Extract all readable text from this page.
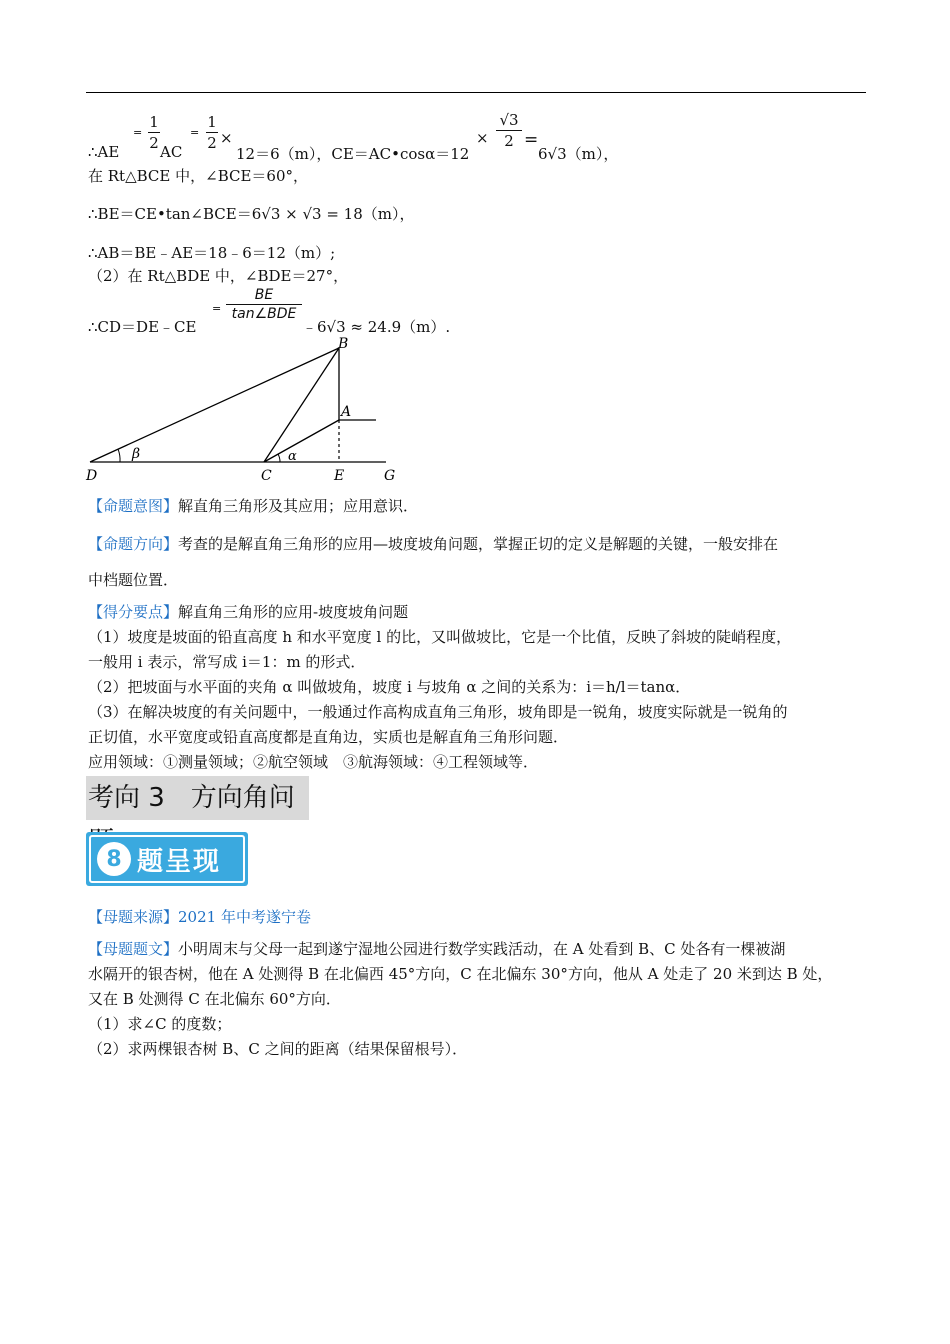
∴AE
=
1
2 AC
=
1
2 ×
12＝6（m），CE＝AC•cosα＝12
×
√3
2 =
6√3（m），
在 Rt△BCE 中，∠BCE＝60°，
∴BE＝CE•tan∠BCE＝6√3 × √3 = 18（m），
∴AB＝BE﹣AE＝18﹣6＝12（m）;
（2）在 Rt△BDE 中，∠BDE＝27°，
∴CD＝DE﹣CE
=
BE
tan∠BDE
﹣6√3 ≈ 24.9（m）.
B
A
D	C	E	G
β	α
【命题意图】解直角三角形及其应用；应用意识．
【命题方向】考查的是解直角三角形的应用—坡度坡角问题，掌握正切的定义是解题的关键，一般安排在
中档题位置．
【得分要点】解直角三角形的应用-坡度坡角问题
（1）坡度是坡面的铅直高度 h 和水平宽度 l 的比，又叫做坡比，它是一个比值，反映了斜坡的陡峭程度，
一般用 i 表示，常写成 i＝1：m 的形式．
（2）把坡面与水平面的夹角 α 叫做坡角，坡度 i 与坡角 α 之间的关系为：i＝h/l＝tanα．
（3）在解决坡度的有关问题中，一般通过作高构成直角三角形，坡角即是一锐角，坡度实际就是一锐角的
正切值，水平宽度或铅直高度都是直角边，实质也是解直角三角形问题．
应用领域：①测量领域；②航空领域　③航海领域：④工程领域等．
考向 3　方向角问
8 题呈现
【母题来源】2021 年中考遂宁卷
【母题题文】小明周末与父母一起到遂宁湿地公园进行数学实践活动，在 A 处看到 B、C 处各有一棵被湖
水隔开的银杏树，他在 A 处测得 B 在北偏西 45°方向，C 在北偏东 30°方向，他从 A 处走了 20 米到达 B 处，
又在 B 处测得 C 在北偏东 60°方向．
（1）求∠C 的度数；
（2）求两棵银杏树 B、C 之间的距离（结果保留根号）．
